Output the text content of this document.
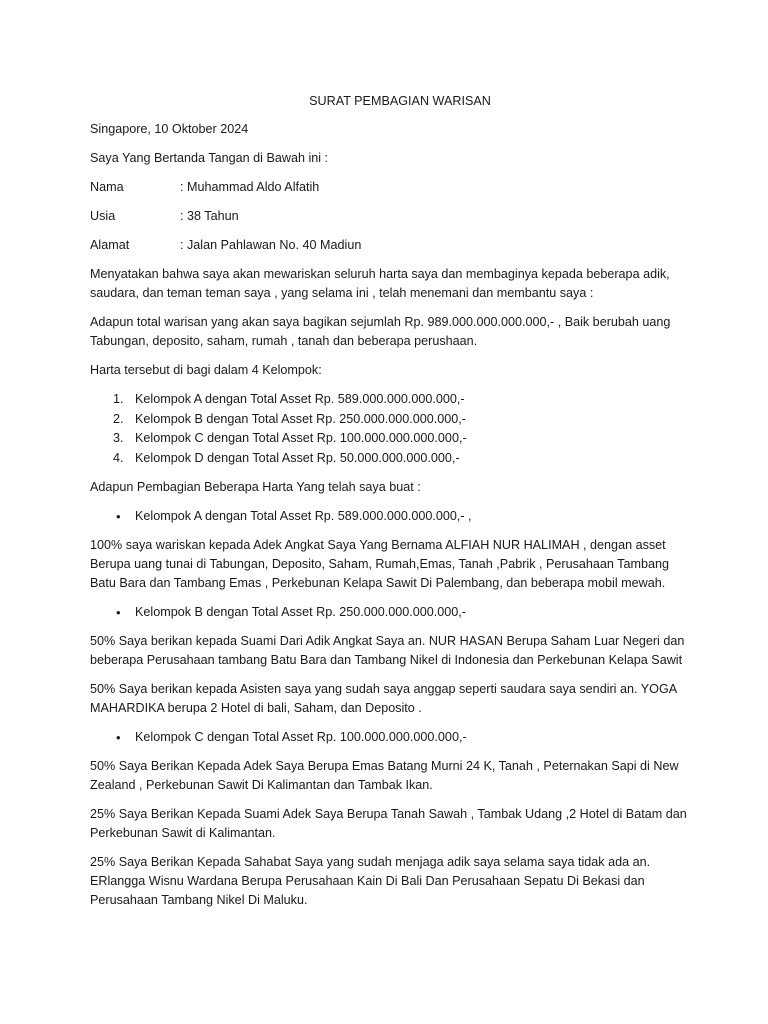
SURAT PEMBAGIAN WARISAN

Singapore, 10 Oktober 2024

Saya Yang Bertanda Tangan di Bawah ini :

Nama	: Muhammad Aldo Alfatih
Usia	: 38 Tahun
Alamat	: Jalan Pahlawan No. 40 Madiun

Menyatakan bahwa saya akan mewariskan seluruh harta saya dan membaginya kepada beberapa adik, saudara, dan teman teman saya , yang selama ini , telah menemani dan membantu saya :

Adapun total warisan yang akan saya bagikan sejumlah Rp. 989.000.000.000.000,- , Baik berubah uang Tabungan, deposito, saham, rumah , tanah dan beberapa perushaan.

Harta tersebut di bagi dalam 4 Kelompok:

1. Kelompok A dengan Total Asset Rp. 589.000.000.000.000,-
2. Kelompok B dengan Total Asset Rp. 250.000.000.000.000,-
3. Kelompok C dengan Total Asset Rp. 100.000.000.000.000,-
4. Kelompok D dengan Total Asset Rp. 50.000.000.000.000,-

Adapun Pembagian Beberapa Harta Yang telah saya buat :

•	Kelompok A dengan Total Asset Rp. 589.000.000.000.000,- ,

100% saya wariskan kepada Adek Angkat Saya Yang Bernama ALFIAH NUR HALIMAH , dengan asset Berupa uang tunai di Tabungan, Deposito, Saham, Rumah,Emas, Tanah ,Pabrik , Perusahaan Tambang Batu Bara dan Tambang Emas , Perkebunan Kelapa Sawit Di Palembang, dan beberapa mobil mewah.

•	Kelompok B dengan Total Asset Rp. 250.000.000.000.000,-

50% Saya berikan kepada Suami Dari Adik Angkat Saya an. NUR HASAN Berupa Saham Luar Negeri dan beberapa Perusahaan tambang Batu Bara dan Tambang Nikel di Indonesia dan Perkebunan Kelapa Sawit

50% Saya berikan kepada Asisten saya yang sudah saya anggap seperti saudara saya sendiri an. YOGA MAHARDIKA berupa 2 Hotel di bali, Saham, dan Deposito .

•	Kelompok C dengan Total Asset Rp. 100.000.000.000.000,-

50% Saya Berikan Kepada Adek Saya Berupa Emas Batang Murni 24 K, Tanah , Peternakan Sapi di New Zealand , Perkebunan Sawit Di Kalimantan dan Tambak Ikan.

25% Saya Berikan Kepada Suami Adek Saya Berupa Tanah Sawah , Tambak Udang ,2 Hotel di Batam dan Perkebunan Sawit di Kalimantan.

25% Saya Berikan Kepada Sahabat Saya yang sudah menjaga adik saya selama saya tidak ada an. ERlangga Wisnu Wardana Berupa Perusahaan Kain Di Bali Dan Perusahaan Sepatu Di Bekasi dan Perusahaan Tambang Nikel Di Maluku.
